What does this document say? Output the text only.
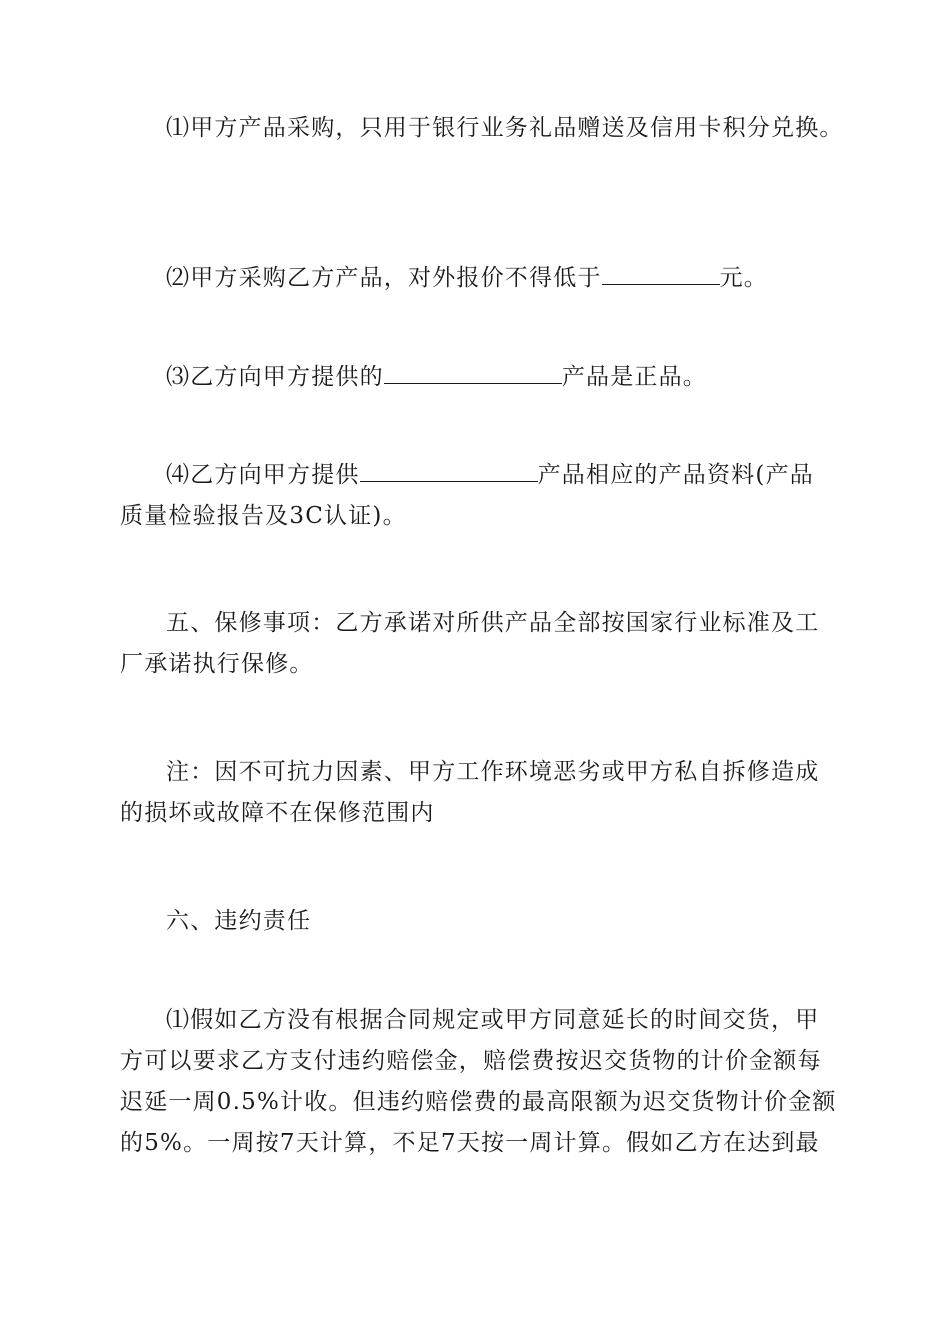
⑴甲方产品采购，只用于银行业务礼品赠送及信用卡积分兑换。

⑵甲方采购乙方产品，对外报价不得低于	元。

⑶乙方向甲方提供的	产品是正品。

⑷乙方向甲方提供	产品相应的产品资料(产品
质量检验报告及3C认证)。

五、保修事项：乙方承诺对所供产品全部按国家行业标准及工
厂承诺执行保修。

注：因不可抗力因素、甲方工作环境恶劣或甲方私自拆修造成
的损坏或故障不在保修范围内

六、违约责任

⑴假如乙方没有根据合同规定或甲方同意延长的时间交货，甲
方可以要求乙方支付违约赔偿金，赔偿费按迟交货物的计价金额每
迟延一周0.5%计收。但违约赔偿费的最高限额为迟交货物计价金额
的5%。一周按7天计算，不足7天按一周计算。假如乙方在达到最
